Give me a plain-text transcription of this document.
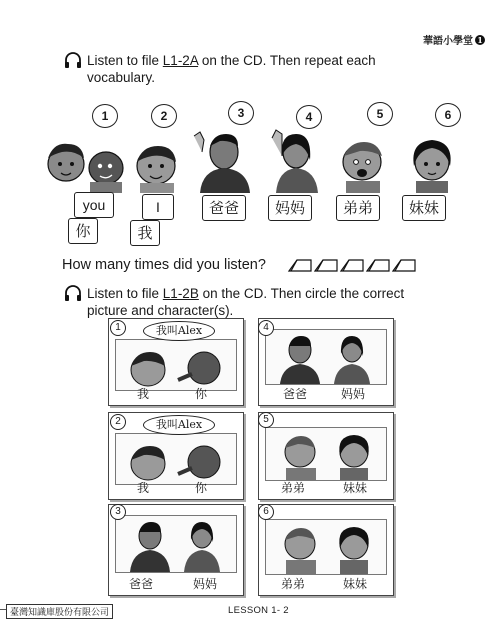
華語小學堂 1
Listen to file L1-2A on the CD. Then repeat each
vocabulary.
1	2	3	4	5	6
you
你
I
我
爸爸	妈妈	弟弟	妹妹
How many times did you listen?
Listen to file L1-2B on the CD. Then circle the correct
picture and character(s).
我叫Alex
我	你
1
我叫Alex
我	你
2
爸爸	妈妈
3
爸爸	妈妈
4
弟弟	妹妹
5
弟弟	妹妹
6
臺灣知識庫股份有限公司	LESSON 1- 2
